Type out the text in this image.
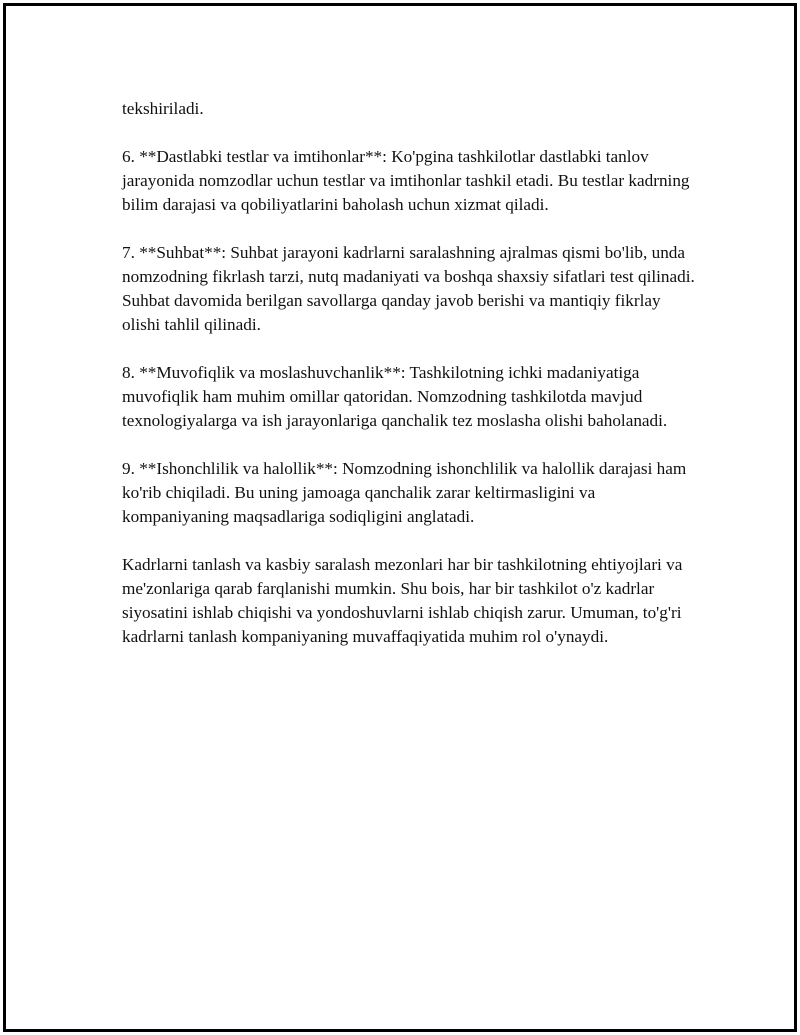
tekshiriladi.

6. **Dastlabki testlar va imtihonlar**: Ko'pgina tashkilotlar dastlabki tanlov jarayonida nomzodlar uchun testlar va imtihonlar tashkil etadi. Bu testlar kadrning bilim darajasi va qobiliyatlarini baholash uchun xizmat qiladi.

7. **Suhbat**: Suhbat jarayoni kadrlarni saralashning ajralmas qismi bo'lib, unda nomzodning fikrlash tarzi, nutq madaniyati va boshqa shaxsiy sifatlari test qilinadi. Suhbat davomida berilgan savollarga qanday javob berishi va mantiqiy fikrlay olishi tahlil qilinadi.

8. **Muvofiqlik va moslashuvchanlik**: Tashkilotning ichki madaniyatiga muvofiqlik ham muhim omillar qatoridan. Nomzodning tashkilotda mavjud texnologiyalarga va ish jarayonlariga qanchalik tez moslasha olishi baholanadi.

9. **Ishonchlilik va halollik**: Nomzodning ishonchlilik va halollik darajasi ham ko'rib chiqiladi. Bu uning jamoaga qanchalik zarar keltirmasligini va kompaniyaning maqsadlariga sodiqligini anglatadi.

Kadrlarni tanlash va kasbiy saralash mezonlari har bir tashkilotning ehtiyojlari va me'zonlariga qarab farqlanishi mumkin. Shu bois, har bir tashkilot o'z kadrlar siyosatini ishlab chiqishi va yondoshuvlarni ishlab chiqish zarur. Umuman, to'g'ri kadrlarni tanlash kompaniyaning muvaffaqiyatida muhim rol o'ynaydi.
